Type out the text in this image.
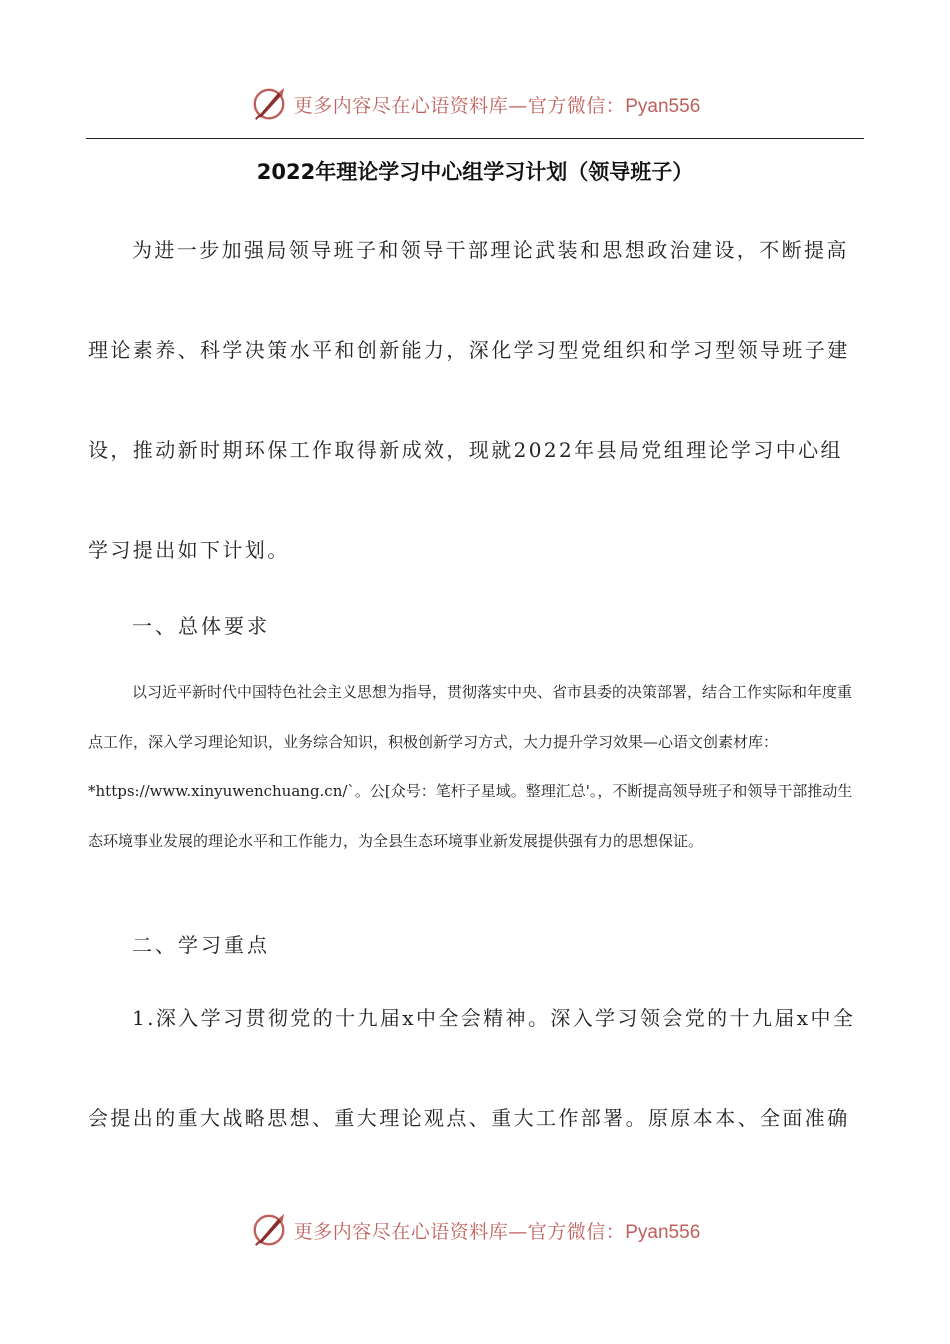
更多内容尽在心语资料库—官方微信：Pyan556
2022年理论学习中心组学习计划（领导班子）

为进一步加强局领导班子和领导干部理论武装和思想政治建设，不断提高理论素养、科学决策水平和创新能力，深化学习型党组织和学习型领导班子建设，推动新时期环保工作取得新成效，现就2022年县局党组理论学习中心组学习提出如下计划。

一、总体要求

以习近平新时代中国特色社会主义思想为指导，贯彻落实中央、省市县委的决策部署，结合工作实际和年度重点工作，深入学习理论知识，业务综合知识，积极创新学习方式，大力提升学习效果—心语文创素材库：*https://www.xinyuwenchuang.cn/`。公[众号：笔杆子星域。整理汇总'。，不断提高领导班子和领导干部推动生态环境事业发展的理论水平和工作能力，为全县生态环境事业新发展提供强有力的思想保证。

二、学习重点

1.深入学习贯彻党的十九届x中全会精神。深入学习领会党的十九届x中全会提出的重大战略思想、重大理论观点、重大工作部署。原原本本、全面准确

更多内容尽在心语资料库—官方微信：Pyan556
